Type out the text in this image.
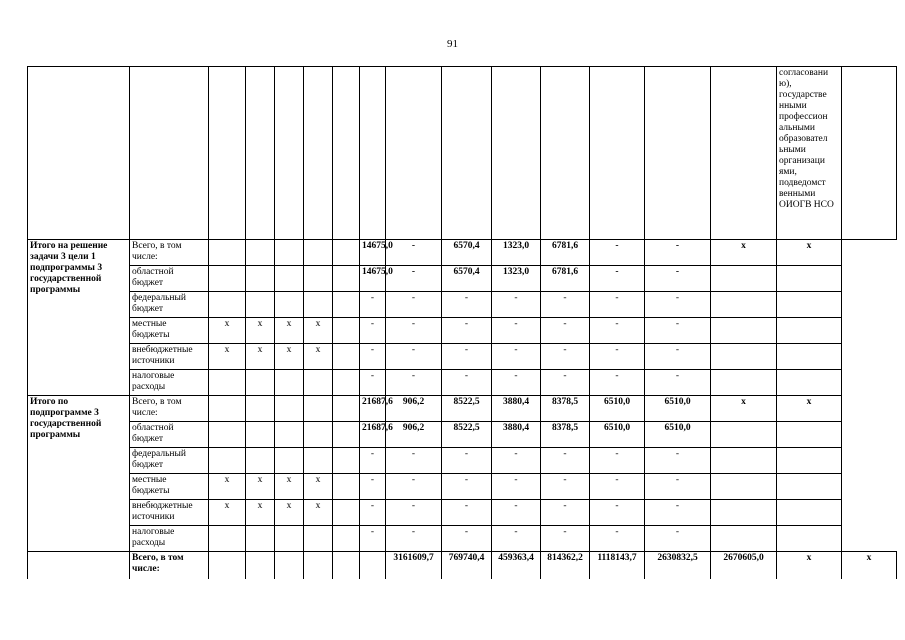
91
															согласовани ю), государстве нными профессион альными образовател ьными организаци ями, подведомст венными ОИОГВ НСО	
Итого на решение задачи 3 цели 1 подпрограммы 3 государственной программы	Всего, в том числе:						14675,0	-	6570,4	1323,0	6781,6	-	-	х	х	
	областной бюджет						14675,0	-	6570,4	1323,0	6781,6	-	-			
	федеральный бюджет						-	-	-	-	-	-	-			
	местные бюджеты	х	х	х	х		-	-	-	-	-	-	-			
	внебюджетные источники	х	х	х	х		-	-	-	-	-	-	-			
	налоговые расходы						-	-	-	-	-	-	-			
Итого по подпрограмме 3 государственной программы	Всего, в том числе:						21687,6	906,2	8522,5	3880,4	8378,5	6510,0	6510,0	х	х	
	областной бюджет						21687,6	906,2	8522,5	3880,4	8378,5	6510,0	6510,0			
	федеральный бюджет						-	-	-	-	-	-	-			
	местные бюджеты	х	х	х	х		-	-	-	-	-	-	-			
	внебюджетные источники	х	х	х	х		-	-	-	-	-	-	-			
	налоговые расходы						-	-	-	-	-	-	-			
	Всего, в том числе:							3161609,7	769740,4	459363,4	814362,2	1118143,7	2630832,5	2670605,0	х	х
